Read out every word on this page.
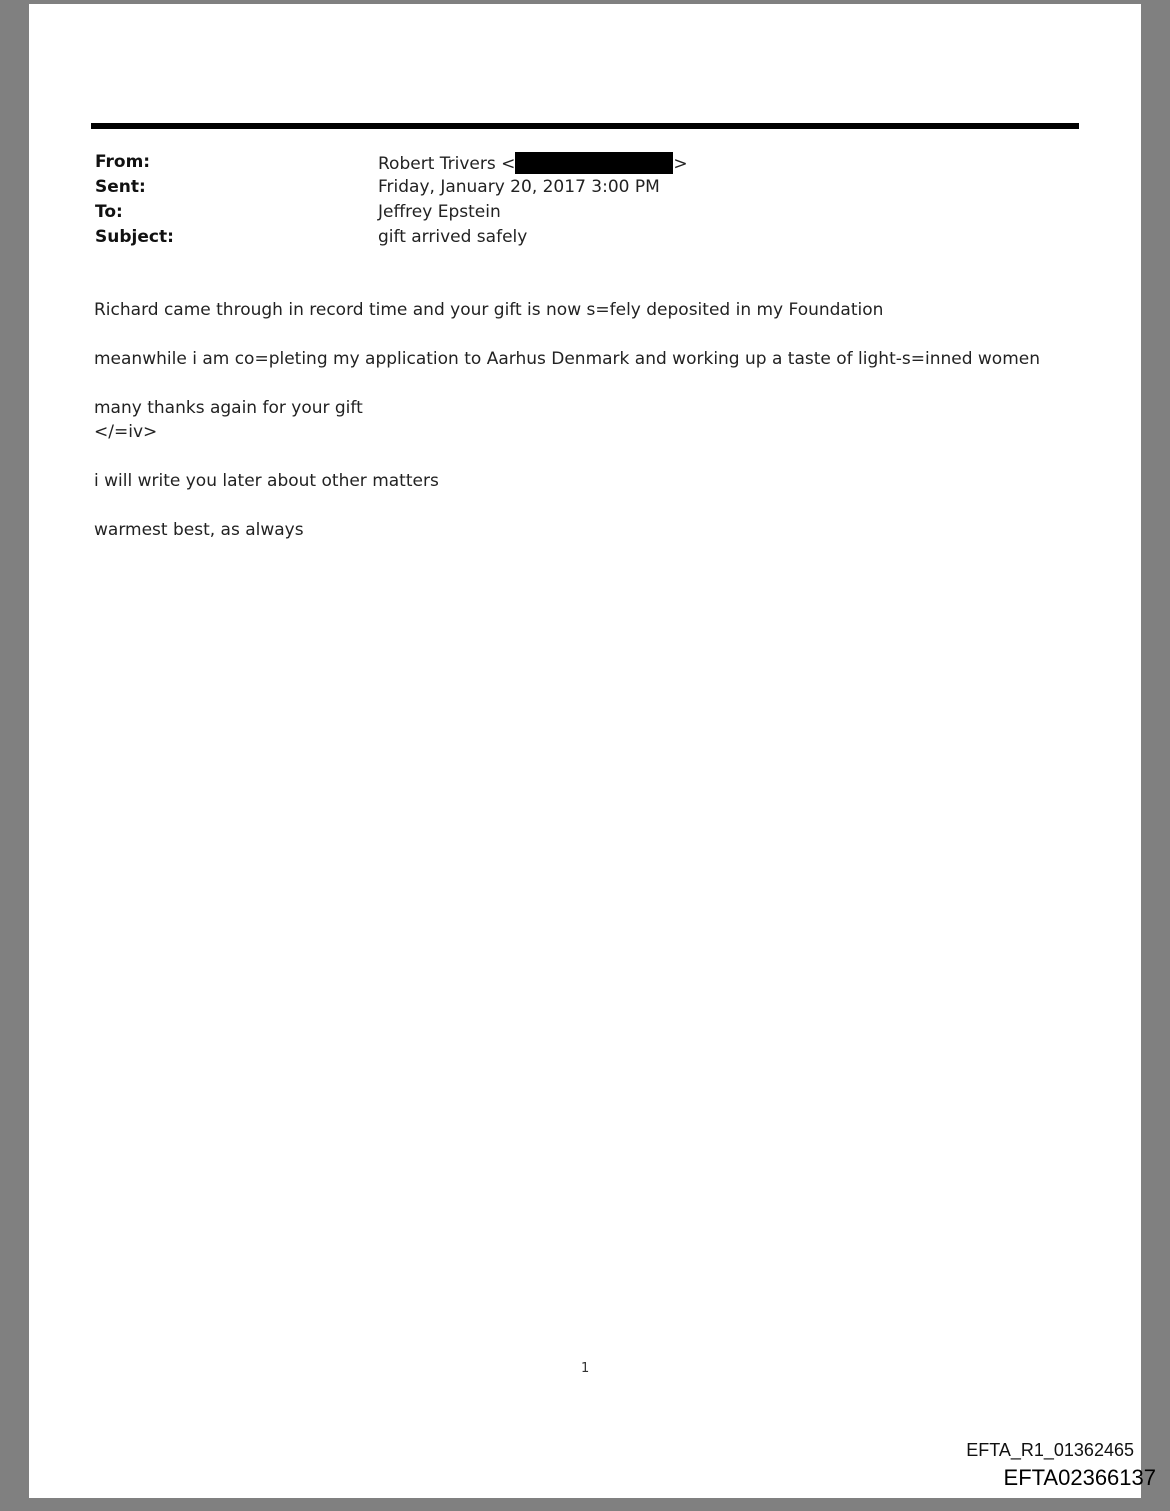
From:	Robert Trivers <	>
Sent:	Friday, January 20, 2017 3:00 PM
To:	Jeffrey Epstein
Subject:	gift arrived safely
Richard came through in record time and your gift is now s=fely deposited in my Foundation
meanwhile i am co=pleting my application to Aarhus Denmark and working up a taste of light-s=inned women
many thanks again for your gift
</=iv>
i will write you later about other matters
warmest best, as always
1
EFTA_R1_01362465
EFTA02366137
